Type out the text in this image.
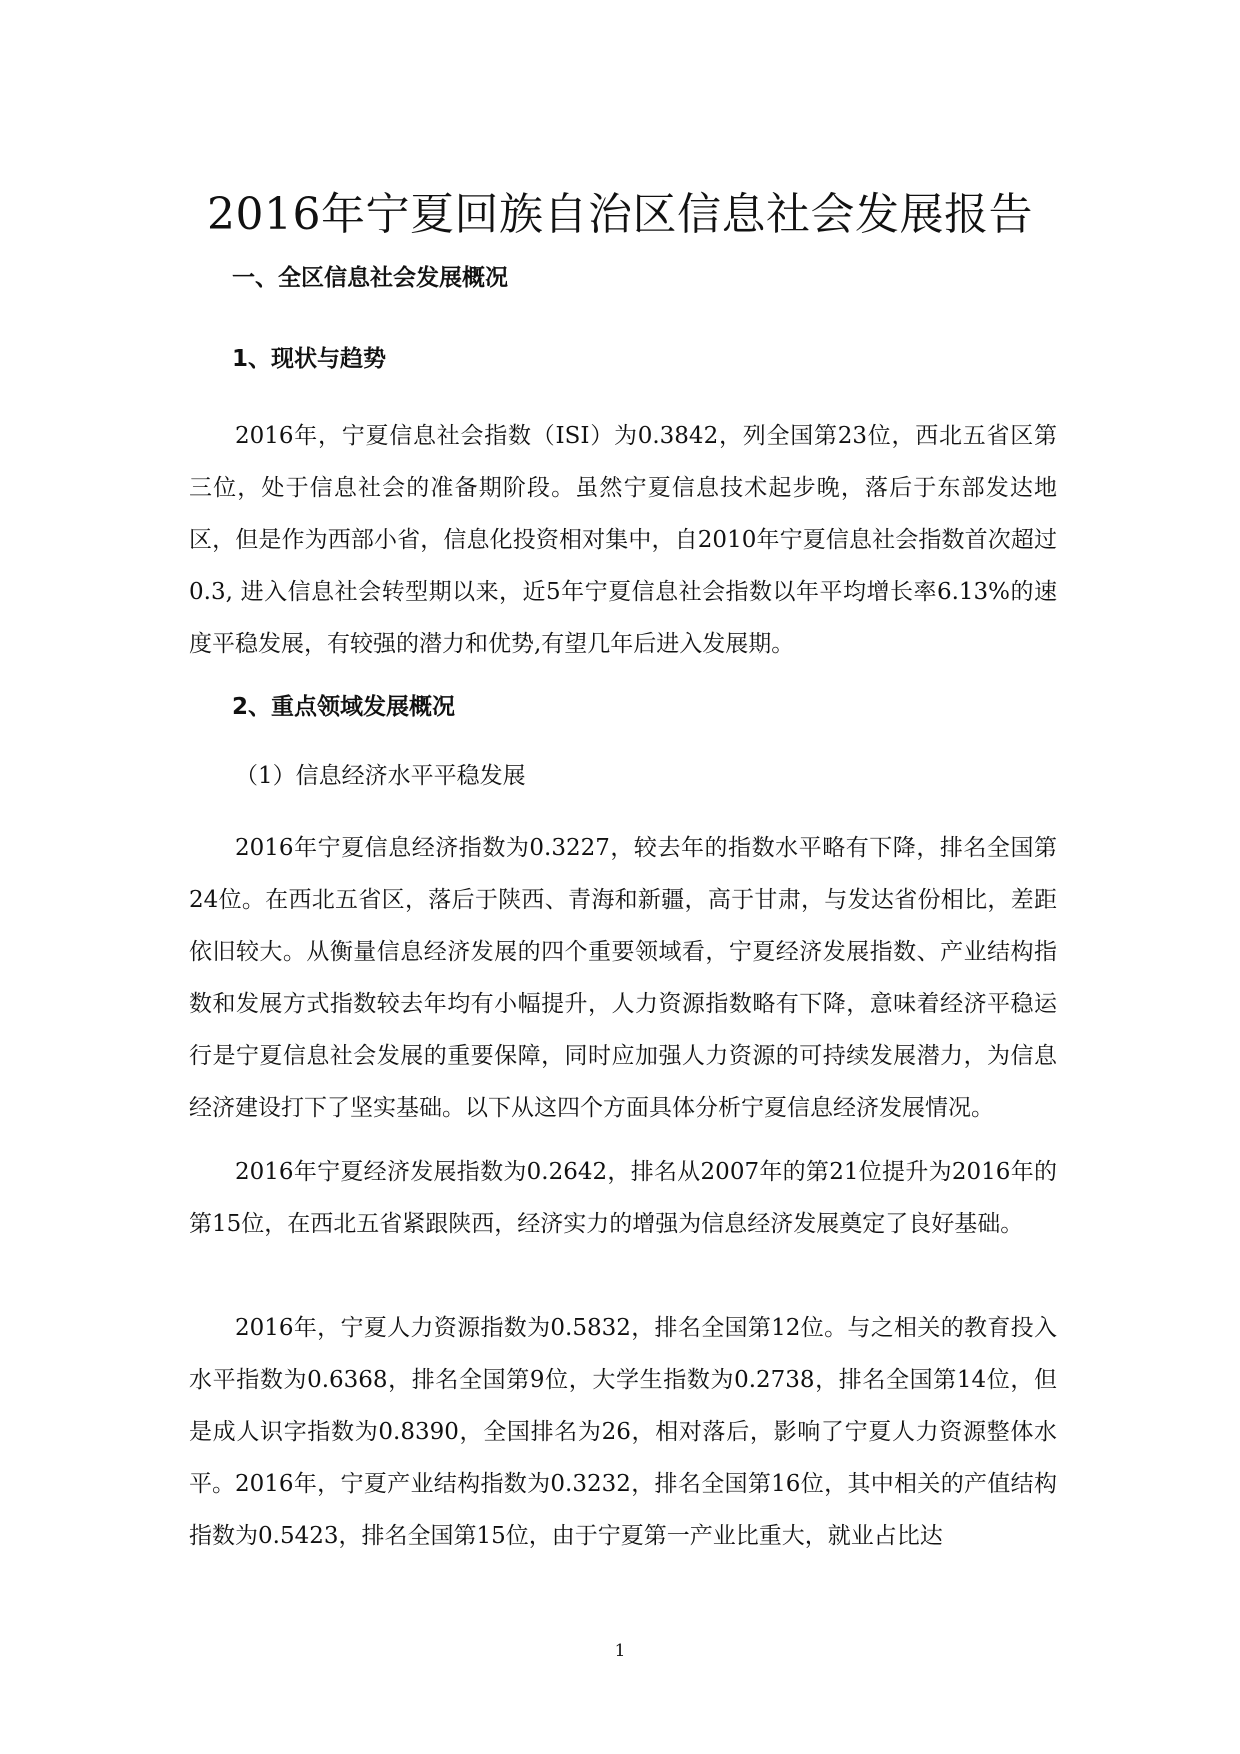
2016年宁夏回族自治区信息社会发展报告
一、全区信息社会发展概况
1、现状与趋势

2016年，宁夏信息社会指数（ISI）为0.3842，列全国第23位，西北五省区第三位，处于信息社会的准备期阶段。虽然宁夏信息技术起步晚，落后于东部发达地区，但是作为西部小省，信息化投资相对集中，自2010年宁夏信息社会指数首次超过0.3, 进入信息社会转型期以来，近5年宁夏信息社会指数以年平均增长率6.13%的速度平稳发展，有较强的潜力和优势,有望几年后进入发展期。

2、重点领域发展概况
（1）信息经济水平平稳发展

2016年宁夏信息经济指数为0.3227，较去年的指数水平略有下降，排名全国第24位。在西北五省区，落后于陕西、青海和新疆，高于甘肃，与发达省份相比，差距依旧较大。从衡量信息经济发展的四个重要领域看，宁夏经济发展指数、产业结构指数和发展方式指数较去年均有小幅提升，人力资源指数略有下降，意味着经济平稳运行是宁夏信息社会发展的重要保障，同时应加强人力资源的可持续发展潜力，为信息经济建设打下了坚实基础。以下从这四个方面具体分析宁夏信息经济发展情况。

2016年宁夏经济发展指数为0.2642，排名从2007年的第21位提升为2016年的第15位，在西北五省紧跟陕西，经济实力的增强为信息经济发展奠定了良好基础。

2016年，宁夏人力资源指数为0.5832，排名全国第12位。与之相关的教育投入水平指数为0.6368，排名全国第9位，大学生指数为0.2738，排名全国第14位，但是成人识字指数为0.8390，全国排名为26，相对落后，影响了宁夏人力资源整体水平。 2016年，宁夏产业结构指数为0.3232，排名全国第16位，其中相关的产值结构指数为0.5423，排名全国第15位，由于宁夏第一产业比重大，就业占比达

1
